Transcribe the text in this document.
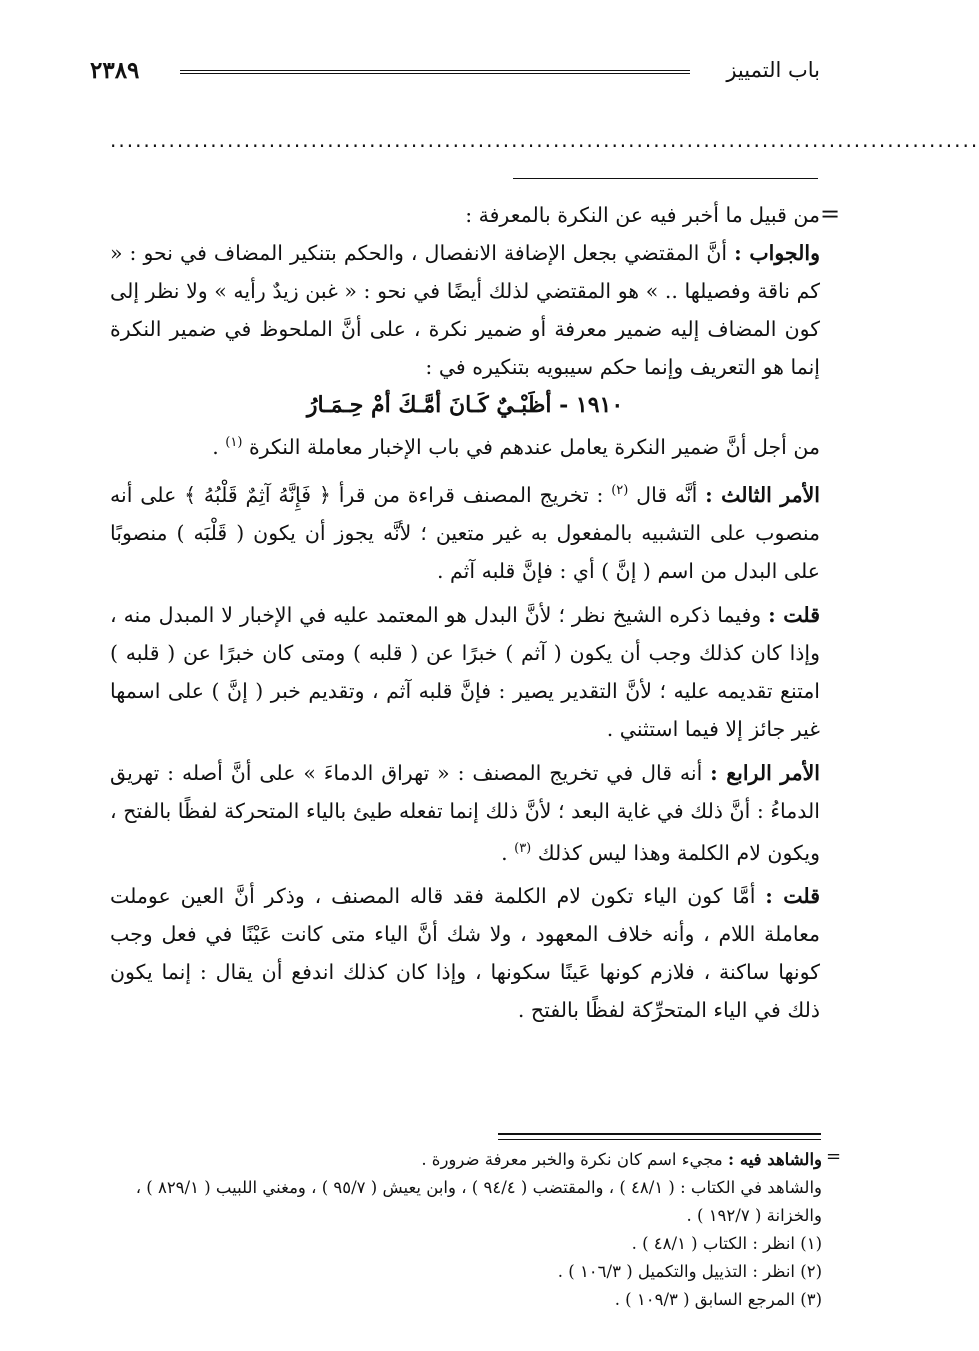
باب التمييز
٢٣٨٩
........................................................................................................
=

من قبيل ما أخبر فيه عن النكرة بالمعرفة :

والجواب : أنَّ المقتضي بجعل الإضافة الانفصال ، والحكم بتنكير المضاف في نحو : « كم ناقة وفصيلها .. » هو المقتضي لذلك أيضًا في نحو : « غبن زيدٌ رأيه » ولا نظر إلى كون المضاف إليه ضمير معرفة أو ضمير نكرة ، على أنَّ الملحوظ في ضمير النكرة إنما هو التعريف وإنما حكم سيبويه بتنكيره في :

١٩١٠ - أظَبْـيٌ كَـانَ أمَّـكَ أمْ حِـمَـارُ

من أجل أنَّ ضمير النكرة يعامل عندهم في باب الإخبار معاملة النكرة $^{(١)}$ .

الأمر الثالث : أنَّه قال $^{(٢)}$ : تخريج المصنف قراءة من قرأ ﴿ فَإِنَّهُ آثِمٌ قَلْبُهُ ﴾ على أنه منصوب على التشبيه بالمفعول به غير متعين ؛ لأنَّه يجوز أن يكون ( قَلْبَه ) منصوبًا على البدل من اسم ( إنَّ ) أي : فإنَّ قلبه آثم .

قلت : وفيما ذكره الشيخ نظر ؛ لأنَّ البدل هو المعتمد عليه في الإخبار لا المبدل منه ، وإذا كان كذلك وجب أن يكون ( آثم ) خبرًا عن ( قلبه ) ومتى كان خبرًا عن ( قلبه ) امتنع تقديمه عليه ؛ لأنَّ التقدير يصير : فإنَّ قلبه آثم ، وتقديم خبر ( إنَّ ) على اسمها غير جائز إلا فيما استثني .

الأمر الرابع : أنه قال في تخريج المصنف : « تهراق الدماءَ » على أنَّ أصله : تهريق الدماءُ : أنَّ ذلك في غاية البعد ؛ لأنَّ ذلك إنما تفعله طيئ بالياء المتحركة لفظًا بالفتح ، ويكون لام الكلمة وهذا ليس كذلك $^{(٣)}$ .

قلت : أمَّا كون الياء تكون لام الكلمة فقد قاله المصنف ، وذكر أنَّ العين عوملت معاملة اللام ، وأنه خلاف المعهود ، ولا شك أنَّ الياء متى كانت عَيْنًا في فعل وجب كونها ساكنة ، فلازم كونها عَينًا سكونها ، وإذا كان كذلك اندفع أن يقال : إنما يكون ذلك في الياء المتحرِّكة لفظًا بالفتح .

=

والشاهد فيه : مجيء اسم كان نكرة والخبر معرفة ضرورة .

والشاهد في الكتاب : ( ٤٨/١ ) ، والمقتضب ( ٩٤/٤ ) ، وابن يعيش ( ٩٥/٧ ) ، ومغني اللبيب ( ٨٢٩/١ ) ، والخزانة ( ١٩٢/٧ ) .

(١) انظر : الكتاب ( ٤٨/١ ) .

(٢) انظر : التذييل والتكميل ( ١٠٦/٣ ) .

(٣) المرجع السابق ( ١٠٩/٣ ) .
